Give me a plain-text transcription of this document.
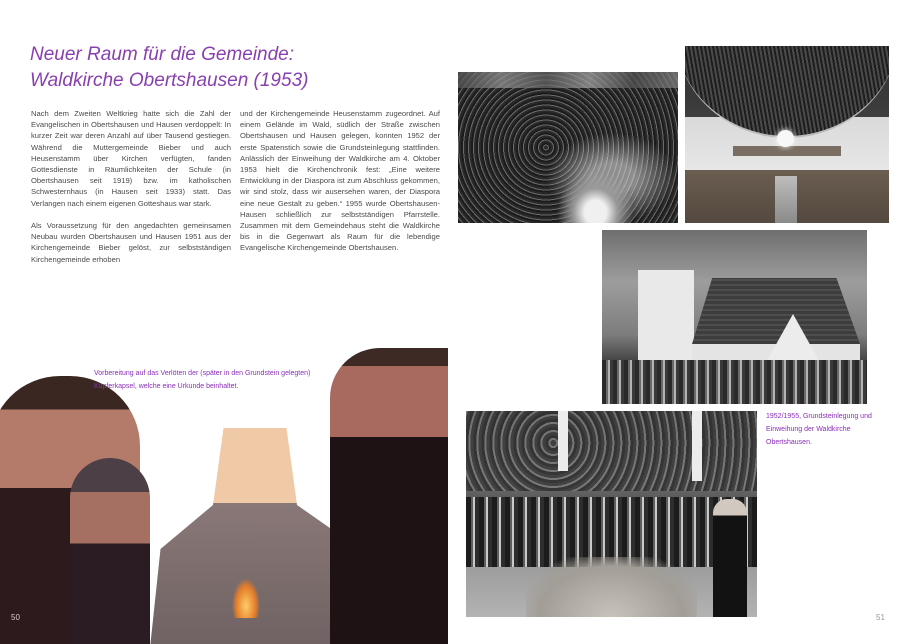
Neuer Raum für die Gemeinde:
Waldkirche Obertshausen (1953)

Nach dem Zweiten Weltkrieg hatte sich die Zahl der Evangelischen in Obertshausen und Hausen verdoppelt: In kurzer Zeit war deren Anzahl auf über Tausend gestiegen. Während die Muttergemeinde Bieber und auch Heusenstamm über Kirchen verfügten, fanden Gottesdienste in Räumlichkeiten der Schule (in Obertshausen seit 1919) bzw. im katholischen Schwesternhaus (in Hausen seit 1933) statt. Das Verlangen nach einem eigenen Gotteshaus war stark.

Als Voraussetzung für den angedachten gemeinsamen Neubau wurden Obertshausen und Hausen 1951 aus der Kirchengemeinde Bieber gelöst, zur selbstständigen Kirchengemeinde erhoben

und der Kirchengemeinde Heusenstamm zugeordnet. Auf einem Gelände im Wald, südlich der Straße zwischen Obertshausen und Hausen gelegen, konnten 1952 der erste Spatenstich sowie die Grundsteinlegung stattfinden. Anlässlich der Einweihung der Waldkirche am 4. Oktober 1953 hielt die Kirchenchronik fest: „Eine weitere Entwicklung in der Diaspora ist zum Abschluss gekommen, wir sind stolz, dass wir ausersehen waren, der Diaspora eine neue Gestalt zu geben.“ 1955 wurde Obertshausen-Hausen schließlich zur selbstständigen Pfarrstelle. Zusammen mit dem Gemeindehaus steht die Waldkirche bis in die Gegenwart als Raum für die lebendige Evangelische Kirchengemeinde Obertshausen.

Vorbereitung auf das Verlöten der (später in den Grundstein gelegten) Kupferkapsel, welche eine Urkunde beinhaltet.
1952/1955, Grundsteinlegung und Einweihung der Waldkirche Obertshausen.
50	51
